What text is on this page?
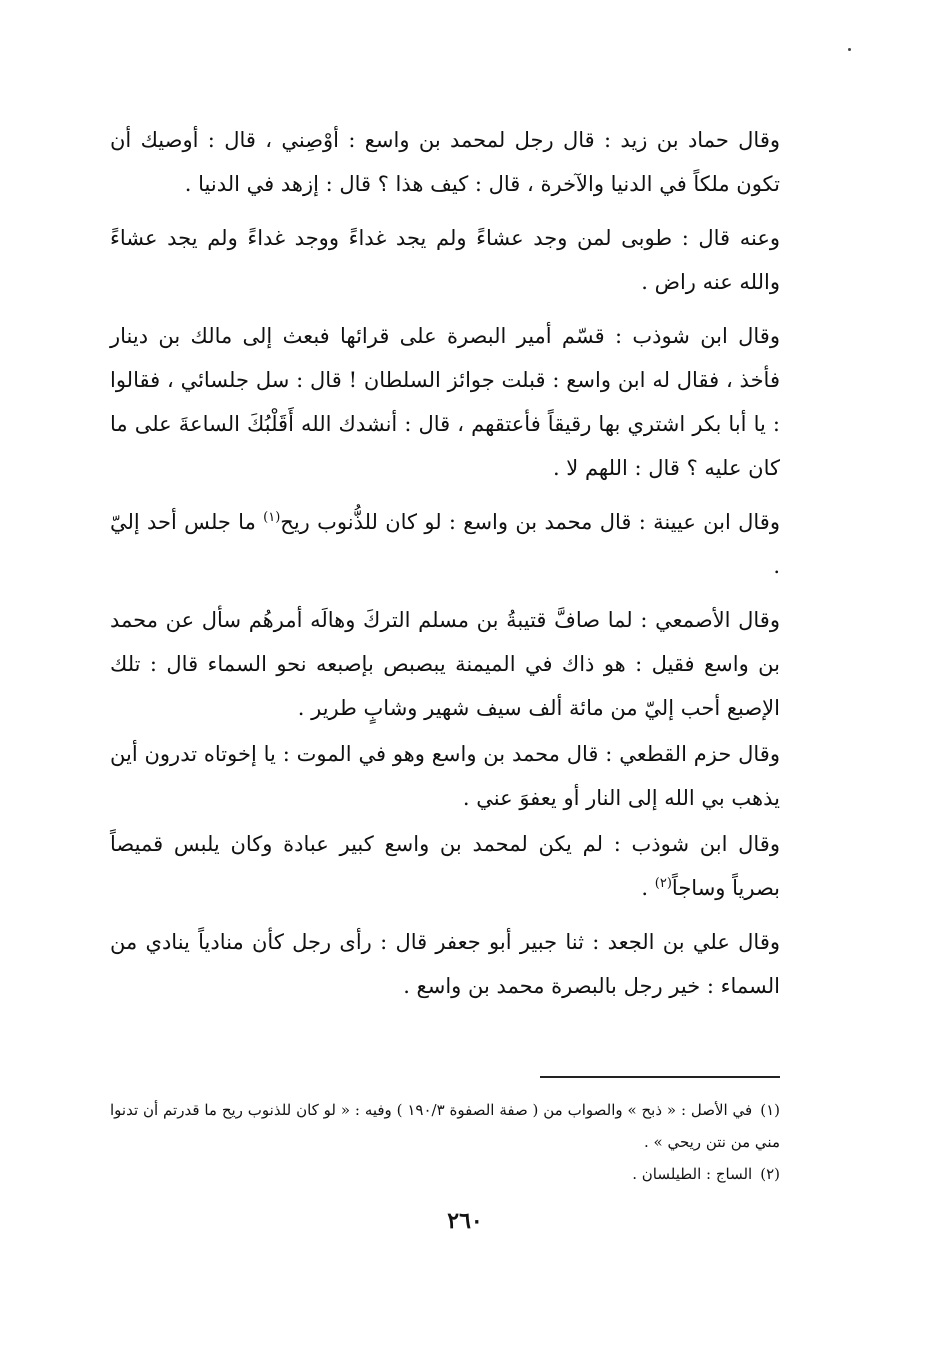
وقال حماد بن زيد : قال رجل لمحمد بن واسع : أوْصِني ، قال : أوصيك أن تكون ملكاً في الدنيا والآخرة ، قال : كيف هذا ؟ قال : إزهد في الدنيا .

وعنه قال : طوبى لمن وجد عشاءً ولم يجد غداءً ووجد غداءً ولم يجد عشاءً والله عنه راض .

وقال ابن شوذب : قسّم أمير البصرة على قرائها فبعث إلى مالك بن دينار فأخذ ، فقال له ابن واسع : قبلت جوائز السلطان ! قال : سل جلسائي ، فقالوا : يا أبا بكر اشتري بها رقيقاً فأعتقهم ، قال : أنشدك الله أَقَلْبُكَ الساعةَ على ما كان عليه ؟ قال : اللهم لا .

وقال ابن عيينة : قال محمد بن واسع : لو كان للذُّنوب ريح$^{(١)}$ ما جلس أحد إليّ .

وقال الأصمعي : لما صافَّ قتيبةُ بن مسلم التركَ وهالَه أمرهُم سأل عن محمد بن واسع فقيل : هو ذاك في الميمنة يبصبص بإصبعه نحو السماء قال : تلك الإصبع أحب إليّ من مائة ألف سيف شهير وشابٍ طرير .

وقال حزم القطعي : قال محمد بن واسع وهو في الموت : يا إخوتاه تدرون أين يذهب بي الله إلى النار أو يعفوَ عني .

وقال ابن شوذب : لم يكن لمحمد بن واسع كبير عبادة وكان يلبس قميصاً بصرياً وساجاً$^{(٢)}$ .

وقال علي بن الجعد : ثنا جبير أبو جعفر قال : رأى رجل كأن منادياً ينادي من السماء : خير رجل بالبصرة محمد بن واسع .

(١)في الأصل : « ذبح » والصواب من ( صفة الصفوة ١٩٠/٣ ) وفيه : « لو كان للذنوب ريح ما قدرتم أن تدنوا مني من نتن ريحي » .

(٢)الساج : الطيلسان .

٢٦٠
